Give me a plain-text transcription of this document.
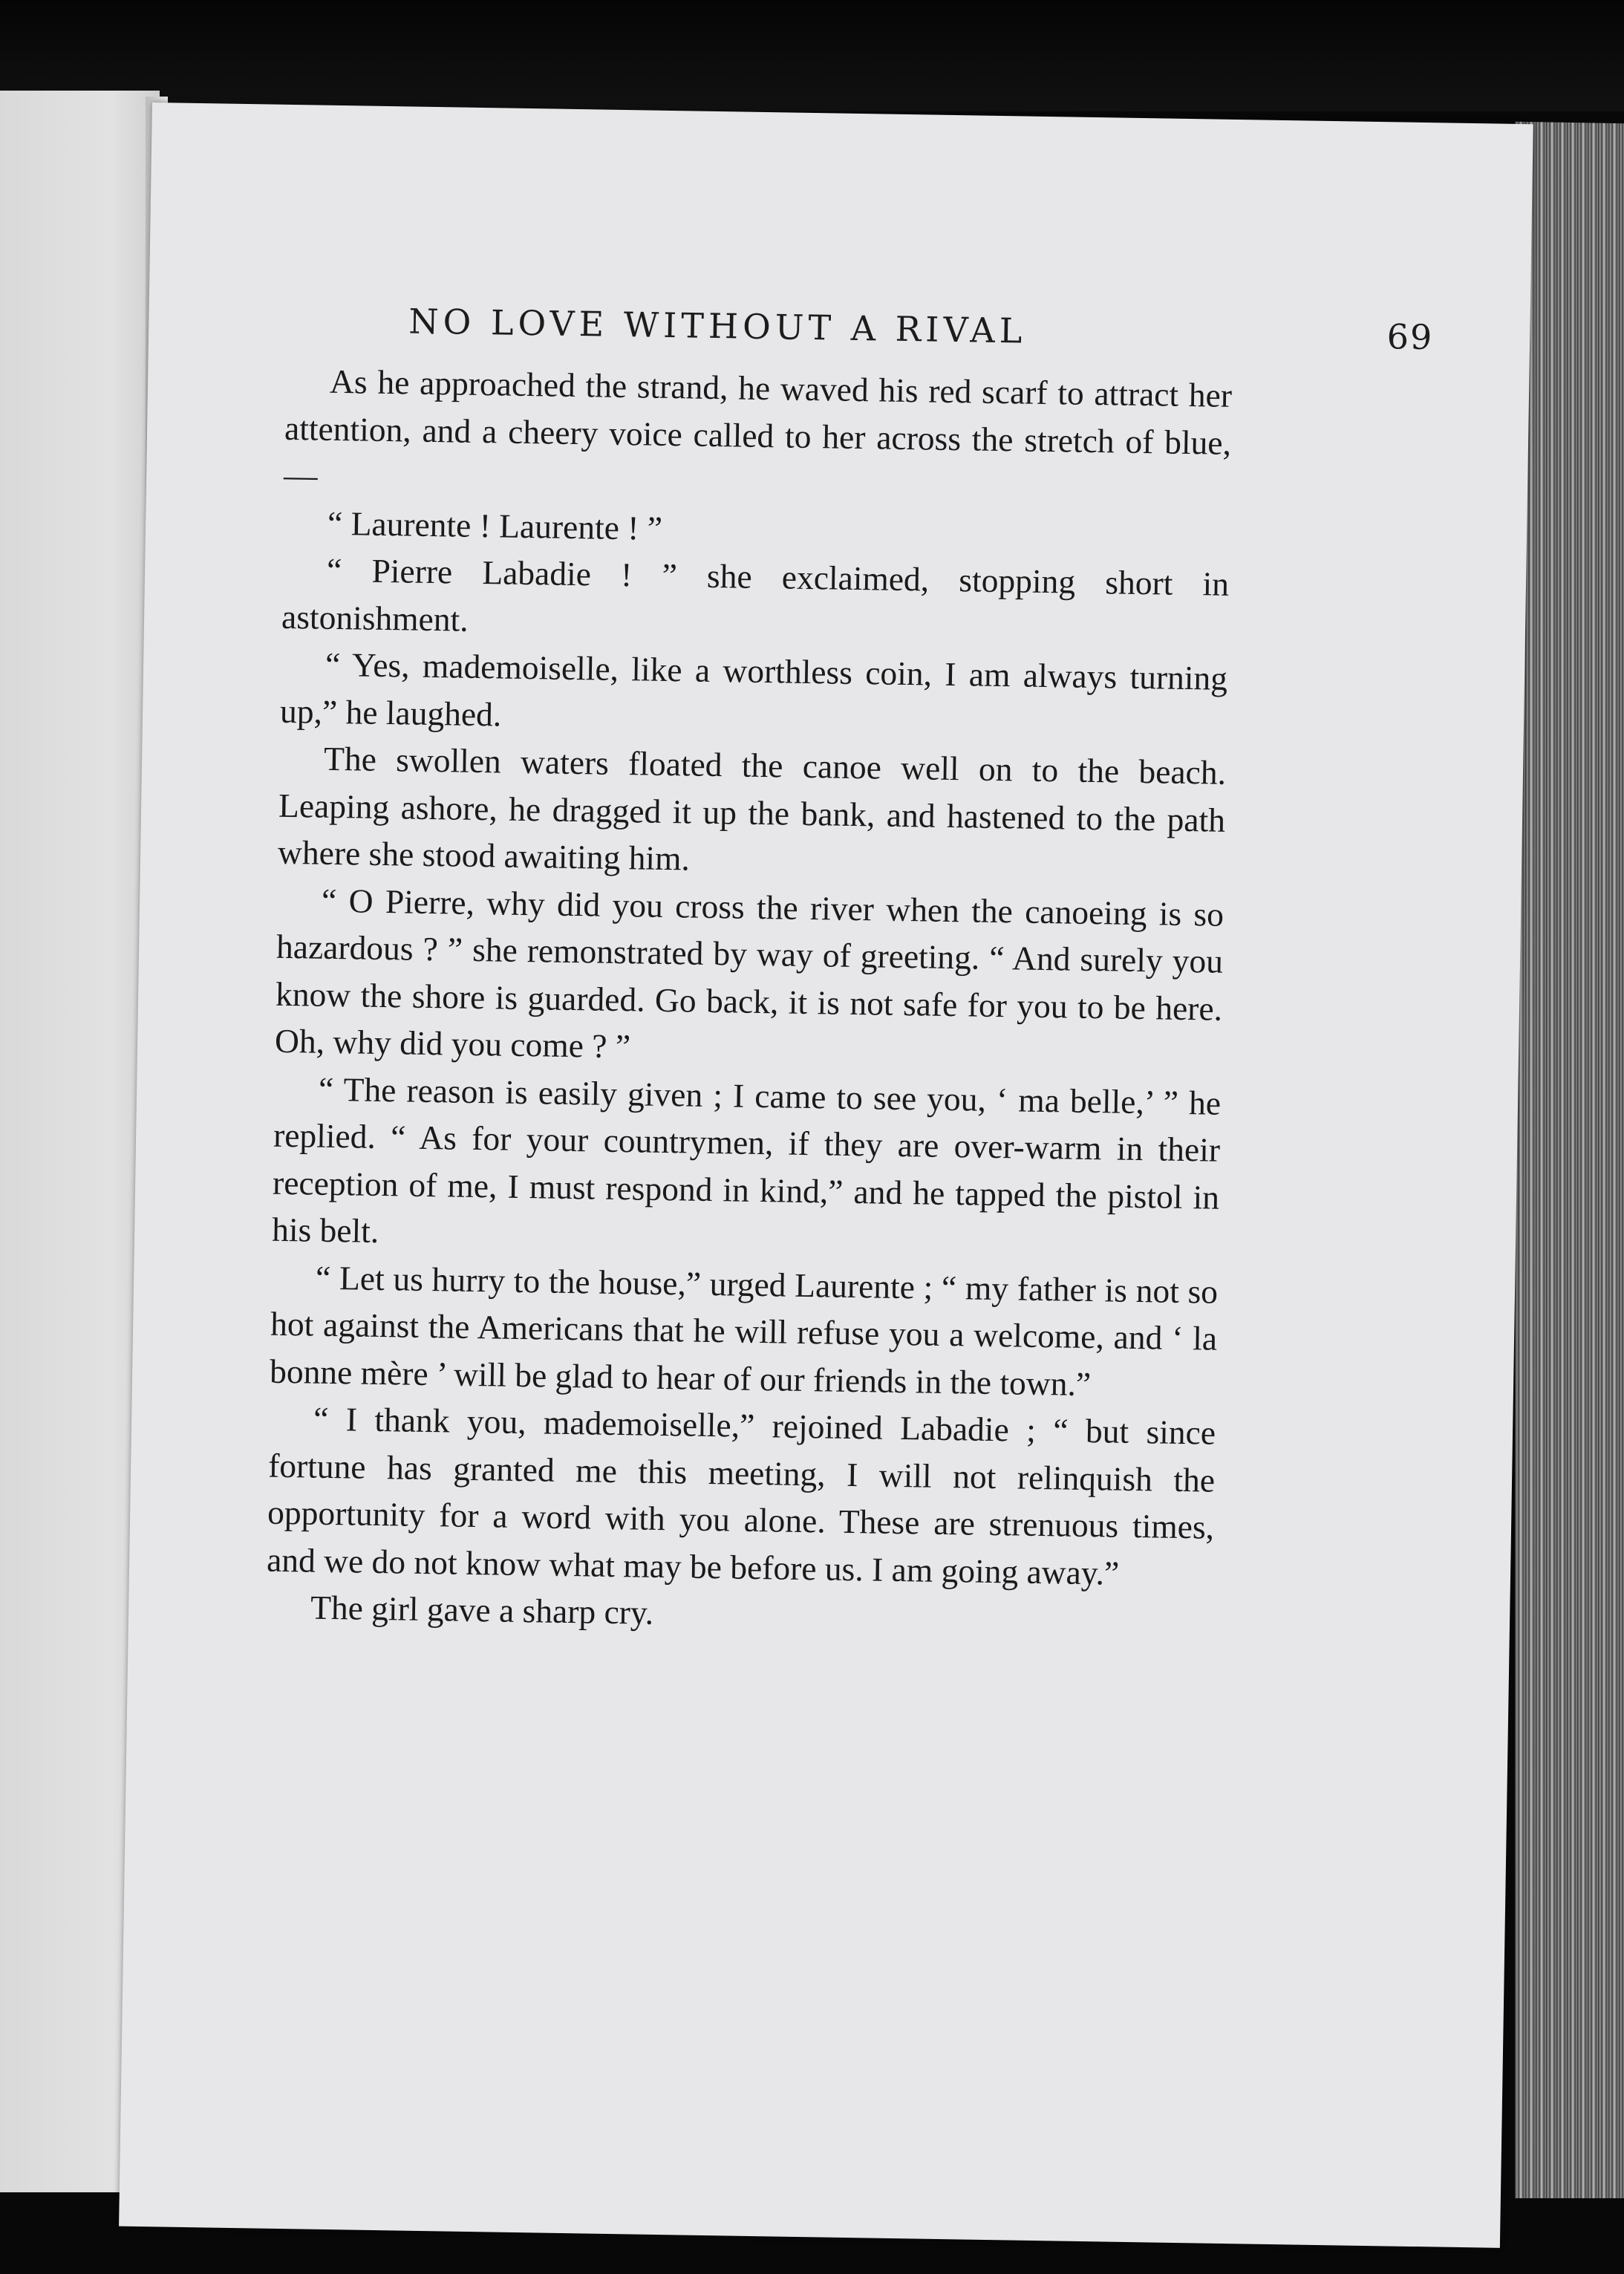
NO LOVE WITHOUT A RIVAL	69

As he approached the strand, he waved his red scarf to attract her attention, and a cheery voice called to her across the stretch of blue, —

“ Laurente ! Laurente ! ”

“ Pierre Labadie ! ” she exclaimed, stopping short in astonishment.

“ Yes, mademoiselle, like a worthless coin, I am always turning up,” he laughed.

The swollen waters floated the canoe well on to the beach. Leaping ashore, he dragged it up the bank, and hastened to the path where she stood awaiting him.

“ O Pierre, why did you cross the river when the canoeing is so hazardous ? ” she remonstrated by way of greeting. “ And surely you know the shore is guarded. Go back, it is not safe for you to be here. Oh, why did you come ? ”

“ The reason is easily given ; I came to see you, ‘ ma belle,’ ” he replied. “ As for your countrymen, if they are over-warm in their reception of me, I must respond in kind,” and he tapped the pistol in his belt.

“ Let us hurry to the house,” urged Laurente ; “ my father is not so hot against the Americans that he will refuse you a welcome, and ‘ la bonne mère ’ will be glad to hear of our friends in the town.”

“ I thank you, mademoiselle,” rejoined Labadie ; “ but since fortune has granted me this meeting, I will not relinquish the opportunity for a word with you alone. These are strenuous times, and we do not know what may be before us. I am going away.”

The girl gave a sharp cry.
